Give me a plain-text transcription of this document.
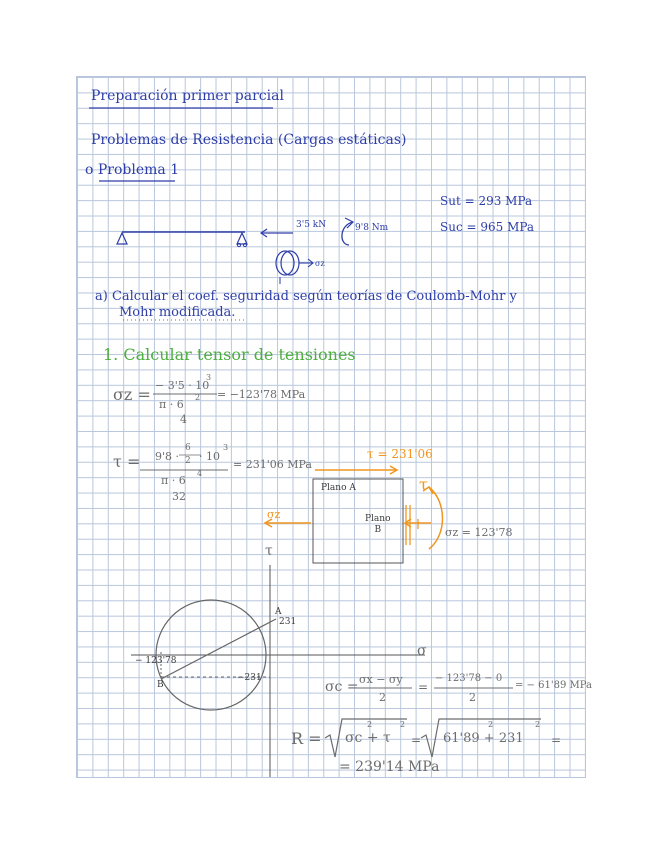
Preparación primer parcial
Problemas de Resistencia (Cargas estáticas)
o Problema 1
Sut = 293 MPa
Suc = 965 MPa
3'5 kN	9'8 Nm
σz
a) Calcular el coef. seguridad según teorías de Coulomb-Mohr y
Mohr modificada.
1. Calcular tensor de tensiones
σz = − 3'5 · 10
3
π · 6
2
4
= −123'78 MPa
τ = 9'8 ·
6
2 · 10
3
π · 6
4
32
= 231'06 MPa
τ = 231'06
Plano A
Plano
B
σz
τ
σz = 123'78
τ
σ
A
231
− 123'78
B
−231
σc = σx − σy
2
=
− 123'78 − 0
2
= − 61'89 MPa
R = σc + τ
2	2
= 61'89 + 231
2	2
=
= 239'14 MPa
